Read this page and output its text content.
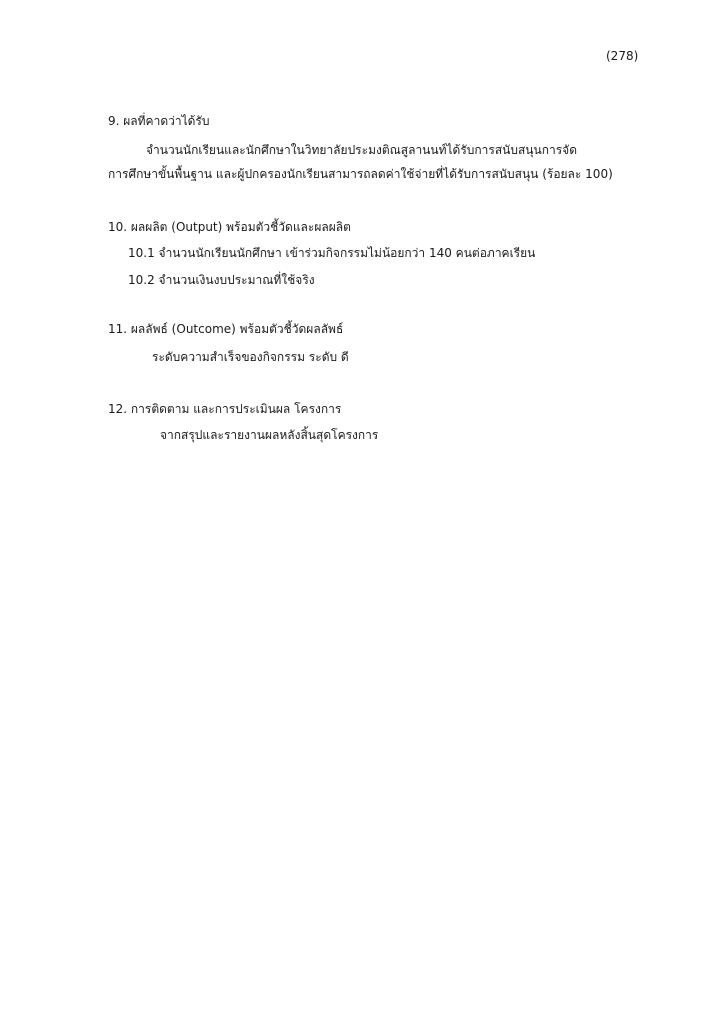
(278)
9. ผลที่คาดว่าได้รับ
จำนวนนักเรียนและนักศึกษาในวิทยาลัยประมงติณสูลานนท์ได้รับการสนับสนุนการจัด
การศึกษาขั้นพื้นฐาน และผู้ปกครองนักเรียนสามารถลดค่าใช้จ่ายที่ได้รับการสนับสนุน (ร้อยละ 100)
10. ผลผลิต (Output) พร้อมตัวชี้วัดและผลผลิต
10.1 จำนวนนักเรียนนักศึกษา เข้าร่วมกิจกรรมไม่น้อยกว่า 140 คนต่อภาคเรียน
10.2 จำนวนเงินงบประมาณที่ใช้จริง
11. ผลลัพธ์ (Outcome) พร้อมตัวชี้วัดผลลัพธ์
ระดับความสำเร็จของกิจกรรม ระดับ ดี
12. การติดตาม และการประเมินผล โครงการ
จากสรุปและรายงานผลหลังสิ้นสุดโครงการ
